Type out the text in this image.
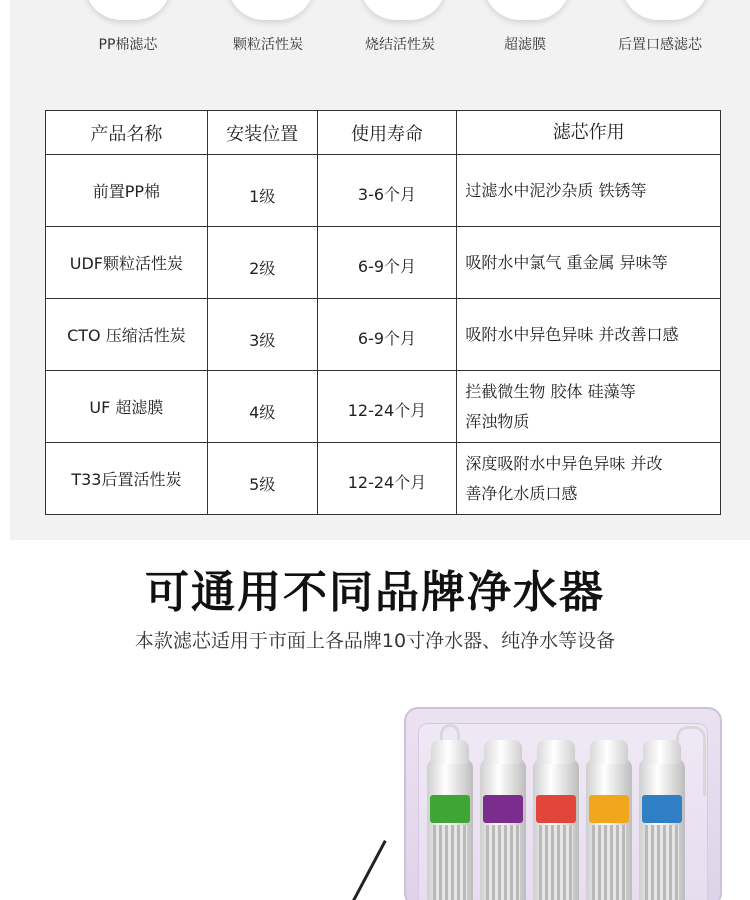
PP棉滤芯	颗粒活性炭	烧结活性炭	超滤膜	后置口感滤芯
产品名称	安装位置	使用寿命	滤芯作用
前置PP棉	1级	3-6个月	过滤水中泥沙杂质 铁锈等

UDF颗粒活性炭	2级	6-9个月	吸附水中氯气 重金属 异味等

CTO 压缩活性炭	3级	6-9个月	吸附水中异色异味 并改善口感

UF 超滤膜	4级	12-24个月	拦截微生物 胶体 硅藻等
浑浊物质

T33后置活性炭	5级	12-24个月	深度吸附水中异色异味 并改
善净化水质口感
可通用不同品牌净水器
本款滤芯适用于市面上各品牌10寸净水器、纯净水等设备
